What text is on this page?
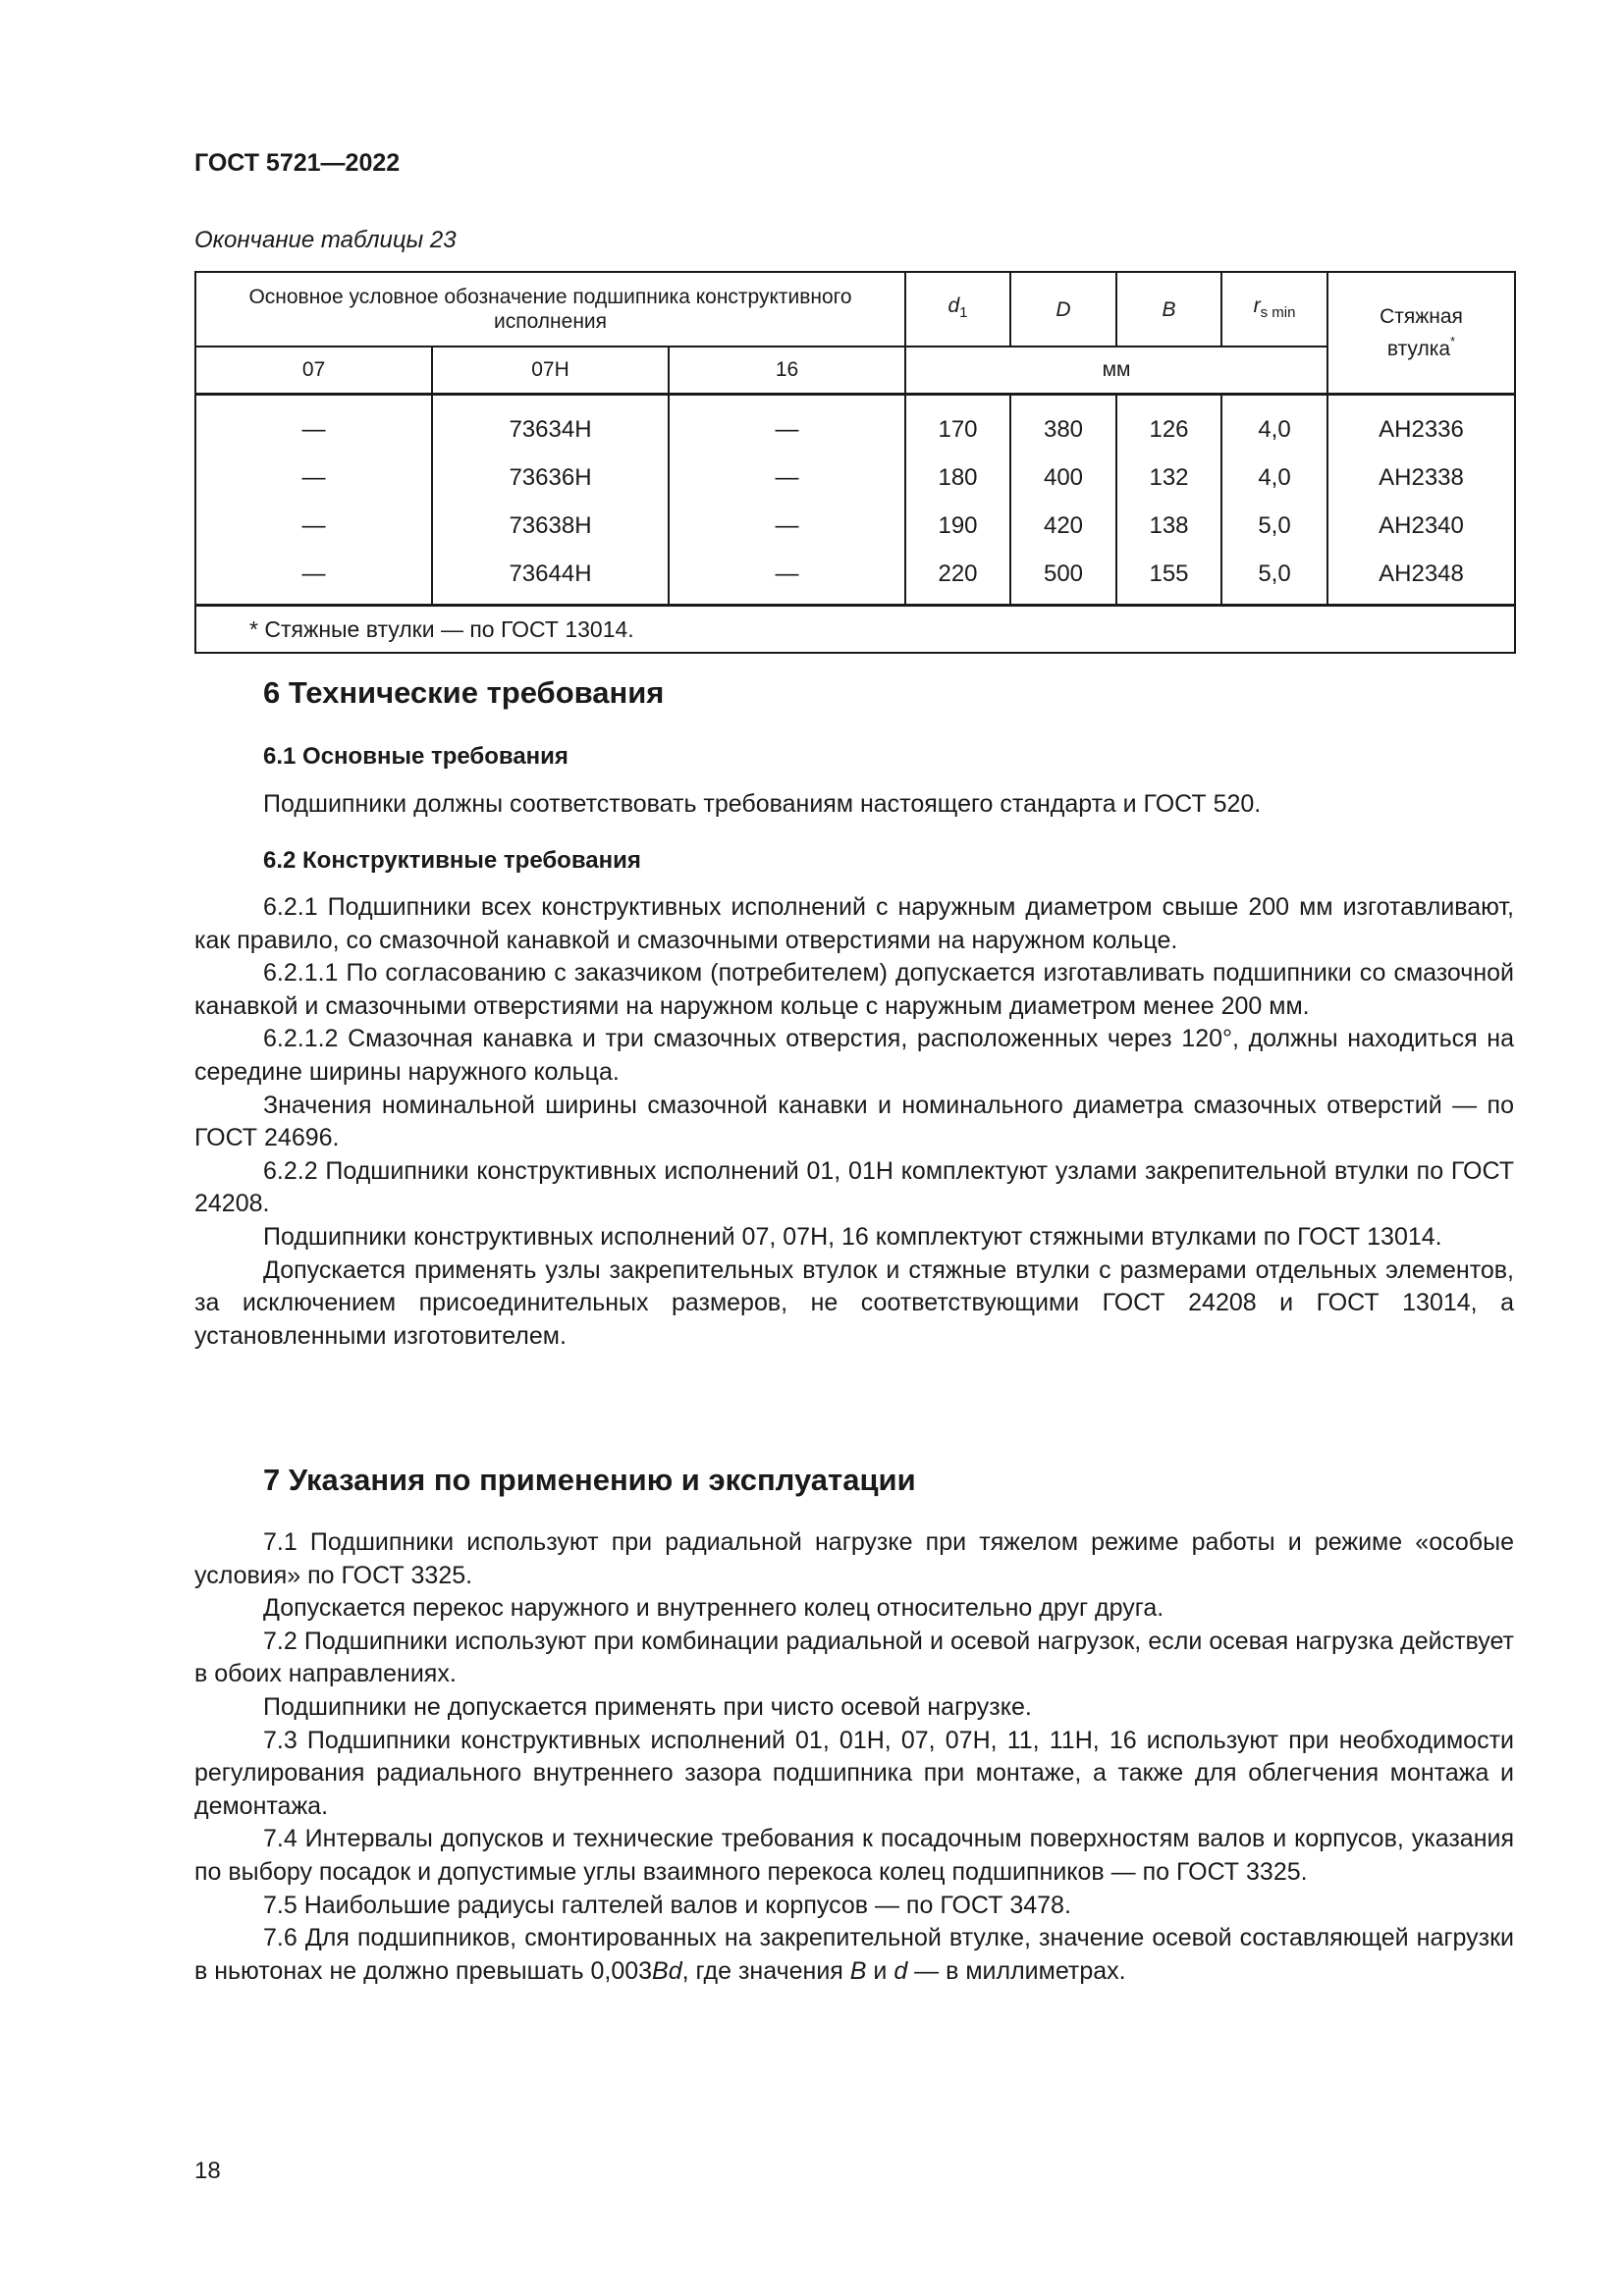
ГОСТ 5721—2022
Окончание таблицы 23
Основное условное обозначение подшипника конструктивного исполнения			$d_1$	D	B	$r_{s min}$	Стяжная втулка*
07	07Н	16	мм				
—	73634Н	—	170	380	126	4,0	АН2336
—	73636Н	—	180	400	132	4,0	АН2338
—	73638Н	—	190	420	138	5,0	АН2340
—	73644Н	—	220	500	155	5,0	АН2348
* Стяжные втулки — по ГОСТ 13014.							
6 Технические требования
6.1 Основные требования

Подшипники должны соответствовать требованиям настоящего стандарта и ГОСТ 520.

6.2 Конструктивные требования

6.2.1 Подшипники всех конструктивных исполнений с наружным диаметром свыше 200 мм изготавливают, как правило, со смазочной канавкой и смазочными отверстиями на наружном кольце.

6.2.1.1 По согласованию с заказчиком (потребителем) допускается изготавливать подшипники со смазочной канавкой и смазочными отверстиями на наружном кольце с наружным диаметром менее 200 мм.

6.2.1.2 Смазочная канавка и три смазочных отверстия, расположенных через 120°, должны находиться на середине ширины наружного кольца.

Значения номинальной ширины смазочной канавки и номинального диаметра смазочных отверстий — по ГОСТ 24696.

6.2.2 Подшипники конструктивных исполнений 01, 01Н комплектуют узлами закрепительной втулки по ГОСТ 24208.

Подшипники конструктивных исполнений 07, 07Н, 16 комплектуют стяжными втулками по ГОСТ 13014.

Допускается применять узлы закрепительных втулок и стяжные втулки с размерами отдельных элементов, за исключением присоединительных размеров, не соответствующими ГОСТ 24208 и ГОСТ 13014, а установленными изготовителем.

7 Указания по применению и эксплуатации

7.1 Подшипники используют при радиальной нагрузке при тяжелом режиме работы и режиме «особые условия» по ГОСТ 3325.

Допускается перекос наружного и внутреннего колец относительно друг друга.

7.2 Подшипники используют при комбинации радиальной и осевой нагрузок, если осевая нагрузка действует в обоих направлениях.

Подшипники не допускается применять при чисто осевой нагрузке.

7.3 Подшипники конструктивных исполнений 01, 01Н, 07, 07Н, 11, 11Н, 16 используют при необходимости регулирования радиального внутреннего зазора подшипника при монтаже, а также для облегчения монтажа и демонтажа.

7.4 Интервалы допусков и технические требования к посадочным поверхностям валов и корпусов, указания по выбору посадок и допустимые углы взаимного перекоса колец подшипников — по ГОСТ 3325.

7.5 Наибольшие радиусы галтелей валов и корпусов — по ГОСТ 3478.

7.6 Для подшипников, смонтированных на закрепительной втулке, значение осевой составляющей нагрузки в ньютонах не должно превышать 0,003Bd, где значения B и d — в миллиметрах.

18
